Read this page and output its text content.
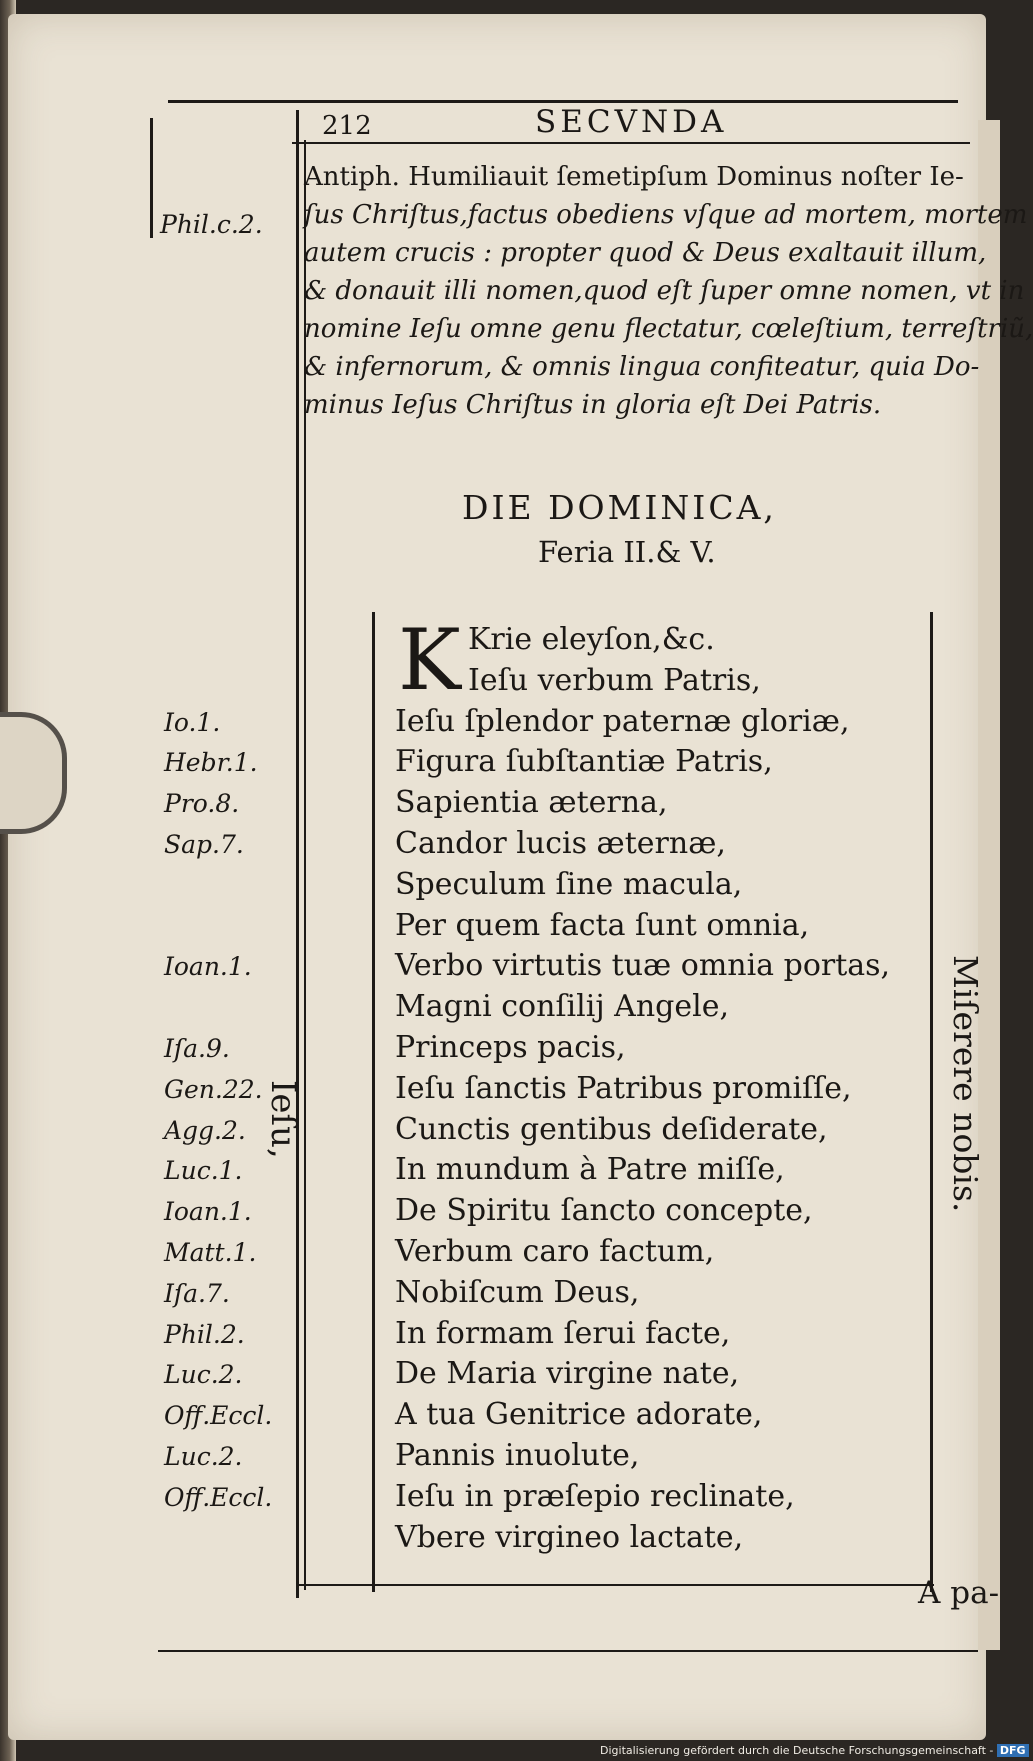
212	SECVNDA
Phil.c.2.
Antiph. Humiliauit ſemetipſum Dominus noſter Ie-
ſus Chriſtus,factus obediens vſque ad mortem, mortem
autem crucis : propter quod & Deus exaltauit illum,
& donauit illi nomen,quod eſt ſuper omne nomen, vt in
nomine Ieſu omne genu flectatur, cœleſtium, terreſtriũ,
& infernorum, & omnis lingua confiteatur, quia Do-
minus Ieſus Chriſtus in gloria eſt Dei Patris.
DIE DOMINICA,
Feria II.& V.
K Krie eleyſon,&c.
Ieſu verbum Patris,
Ieſu ſplendor paternæ gloriæ,
Io.1.
Figura ſubſtantiæ Patris,
Hebr.1.
Sapientia æterna,
Pro.8.
Candor lucis æternæ,
Sap.7.
Speculum ſine macula,
Per quem facta ſunt omnia,
Verbo virtutis tuæ omnia portas,
Ioan.1.
Magni conſilij Angele,
Princeps pacis,
Iſa.9.
Ieſu ſanctis Patribus promiſſe,
Gen.22.
Cunctis gentibus deſiderate,
Agg.2.
In mundum à Patre miſſe,
Luc.1.
De Spiritu ſancto concepte,
Ioan.1.
Verbum caro factum,
Matt.1.
Nobiſcum Deus,
Iſa.7.
In formam ſerui facte,
Phil.2.
De Maria virgine nate,
Luc.2.
A tua Genitrice adorate,
Off.Eccl.
Pannis inuolute,
Luc.2.
Ieſu in præſepio reclinate,
Off.Eccl.
Vbere virgineo lactate,
Ieſu,	Miſerere nobis.
A pa-
Digitalisierung gefördert durch die Deutsche Forschungsgemeinschaft - DFG
